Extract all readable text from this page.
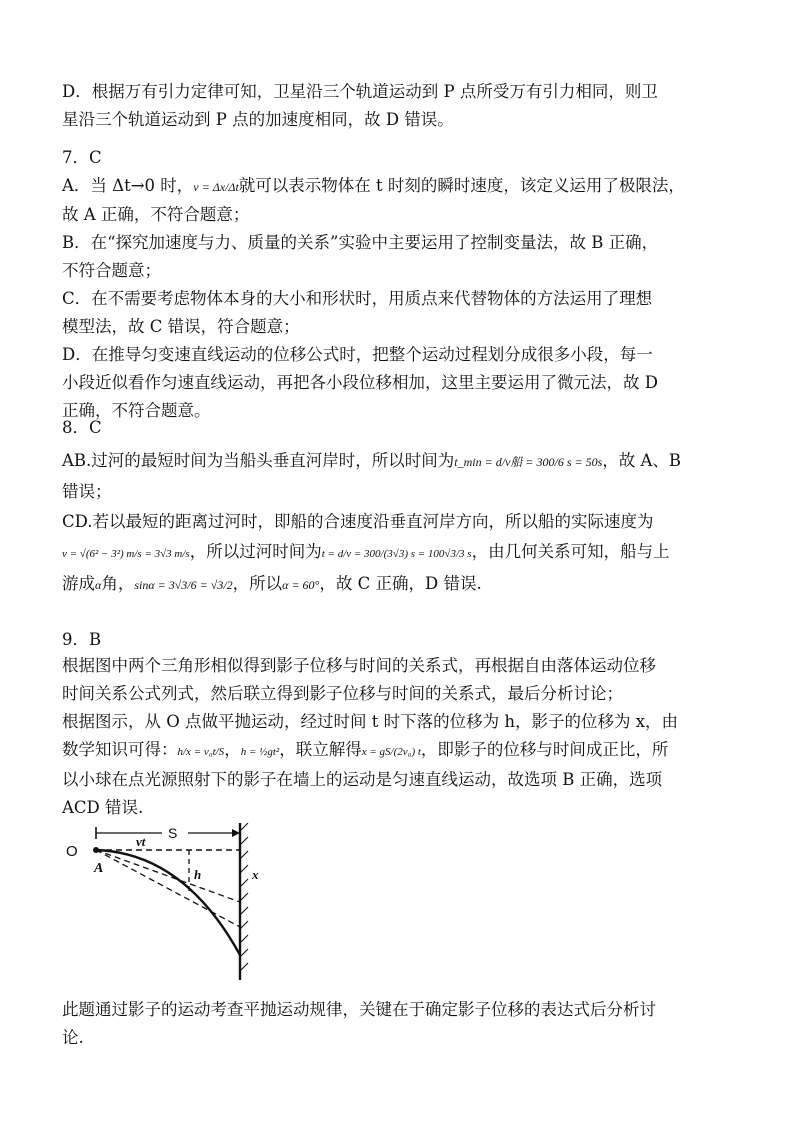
D．根据万有引力定律可知，卫星沿三个轨道运动到 P 点所受万有引力相同，则卫
星沿三个轨道运动到 P 点的加速度相同，故 D 错误。

7．C

A．当 Δt→0 时，v = Δx/Δt就可以表示物体在 t 时刻的瞬时速度，该定义运用了极限法，
故 A 正确，不符合题意；
B．在“探究加速度与力、质量的关系”实验中主要运用了控制变量法，故 B 正确，
不符合题意；
C．在不需要考虑物体本身的大小和形状时，用质点来代替物体的方法运用了理想
模型法，故 C 错误，符合题意；
D．在推导匀变速直线运动的位移公式时，把整个运动过程划分成很多小段，每一
小段近似看作匀速直线运动，再把各小段位移相加，这里主要运用了微元法，故 D
正确，不符合题意。

8．C

AB.过河的最短时间为当船头垂直河岸时，所以时间为t_min = d/v船 = 300/6 s = 50s，故 A、B
错误；
CD.若以最短的距离过河时，即船的合速度沿垂直河岸方向，所以船的实际速度为
v = √(6² − 3²) m/s = 3√3 m/s，所以过河时间为t = d/v = 300/(3√3) s = 100√3/3 s，由几何关系可知，船与上
游成α角，sinα = 3√3/6 = √3/2，所以α = 60°，故 C 正确，D 错误.

9．B

根据图中两个三角形相似得到影子位移与时间的关系式，再根据自由落体运动位移
时间关系公式列式，然后联立得到影子位移与时间的关系式，最后分析讨论；
根据图示，从 O 点做平抛运动，经过时间 t 时下落的位移为 h，影子的位移为 x，由
数学知识可得：h/x = v₀t/S，h = ½gt²，联立解得x = gS/(2v₀) t，即影子的位移与时间成正比，所
以小球在点光源照射下的影子在墙上的运动是匀速直线运动，故选项 B 正确，选项
ACD 错误.

S
O
A
vt
h	x

此题通过影子的运动考查平抛运动规律，关键在于确定影子位移的表达式后分析讨
论.
